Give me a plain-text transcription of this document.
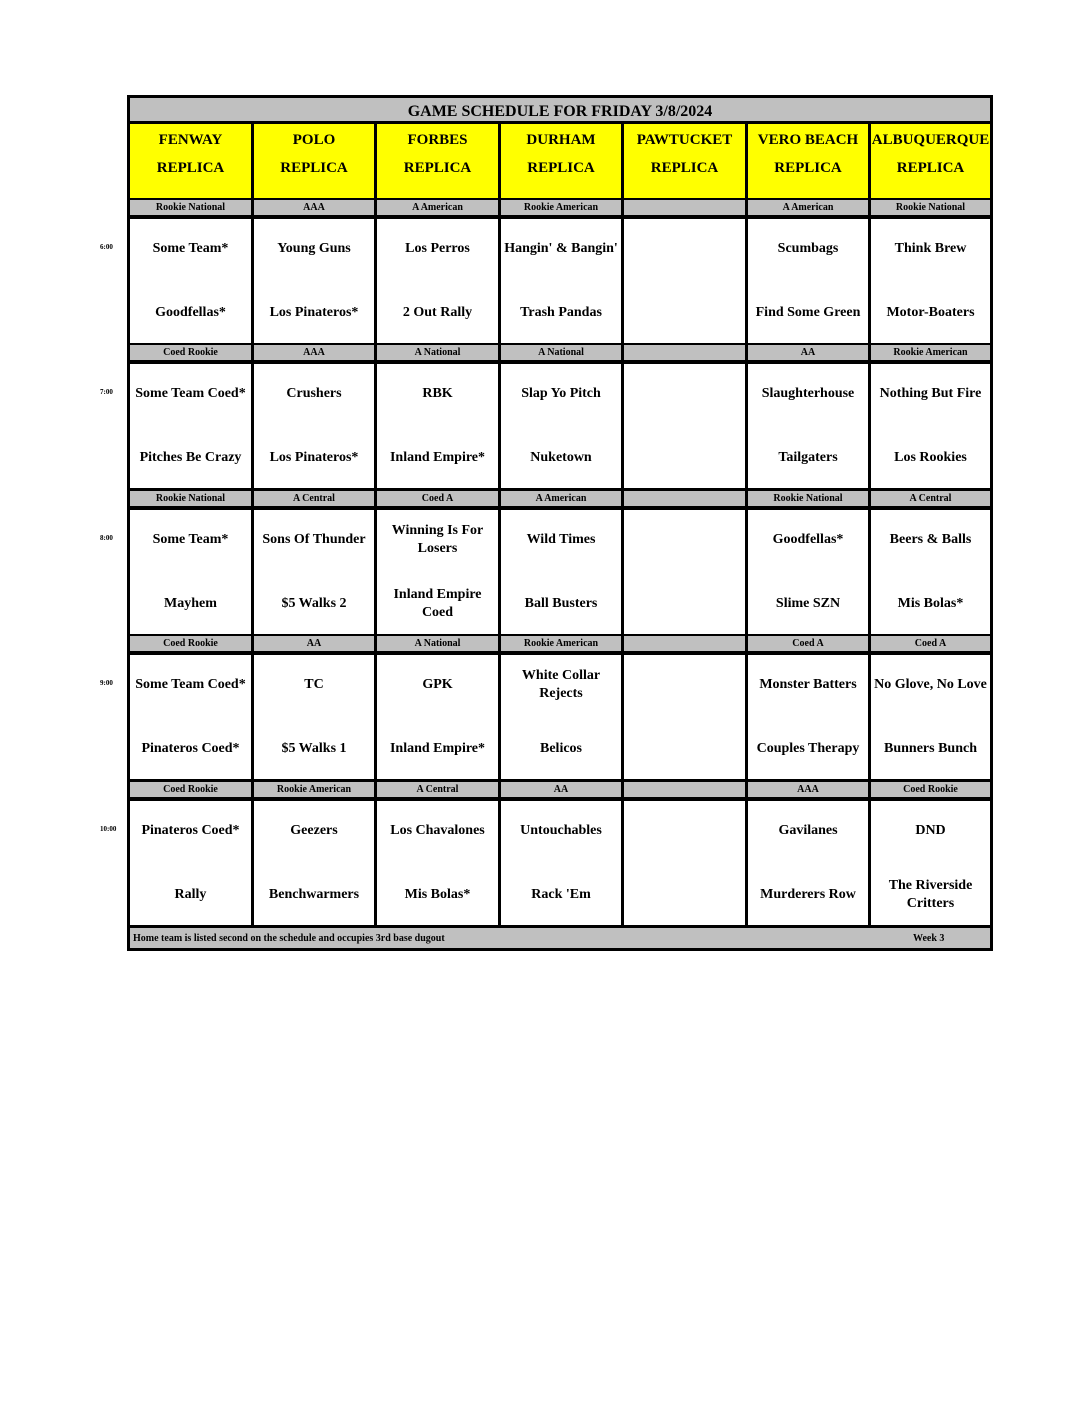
6:00
7:00
8:00
9:00
10:00
GAME SCHEDULE FOR FRIDAY 3/8/2024
FENWAY
REPLICA
POLO
REPLICA
FORBES
REPLICA
DURHAM
REPLICA
PAWTUCKET
REPLICA
VERO BEACH
REPLICA
ALBUQUERQUE
REPLICA
Rookie National
Some Team*
Goodfellas*
AAA
Young Guns
Los Pinateros*
A American
Los Perros
2 Out Rally
Rookie American
Hangin' & Bangin'
Trash Pandas
A American
Scumbags
Find Some Green
Rookie National
Think Brew
Motor-Boaters
Coed Rookie
Some Team Coed*
Pitches Be Crazy
AAA
Crushers
Los Pinateros*
A National
RBK
Inland Empire*
A National
Slap Yo Pitch
Nuketown
AA
Slaughterhouse
Tailgaters
Rookie American
Nothing But Fire
Los Rookies
Rookie National
Some Team*
Mayhem
A Central
Sons Of Thunder
$5 Walks 2
Coed A
Winning Is For Losers
Inland Empire Coed
A American
Wild Times
Ball Busters
Rookie National
Goodfellas*
Slime SZN
A Central
Beers & Balls
Mis Bolas*
Coed Rookie
Some Team Coed*
Pinateros Coed*
AA
TC
$5 Walks 1
A National
GPK
Inland Empire*
Rookie American
White Collar Rejects
Belicos
Coed A
Monster Batters
Couples Therapy
Coed A
No Glove, No Love
Bunners Bunch
Coed Rookie
Pinateros Coed*
Rally
Rookie American
Geezers
Benchwarmers
A Central
Los Chavalones
Mis Bolas*
AA
Untouchables
Rack 'Em
AAA
Gavilanes
Murderers Row
Coed Rookie
DND
The Riverside Critters
Home team is listed second on the schedule and occupies 3rd base dugout	Week 3
